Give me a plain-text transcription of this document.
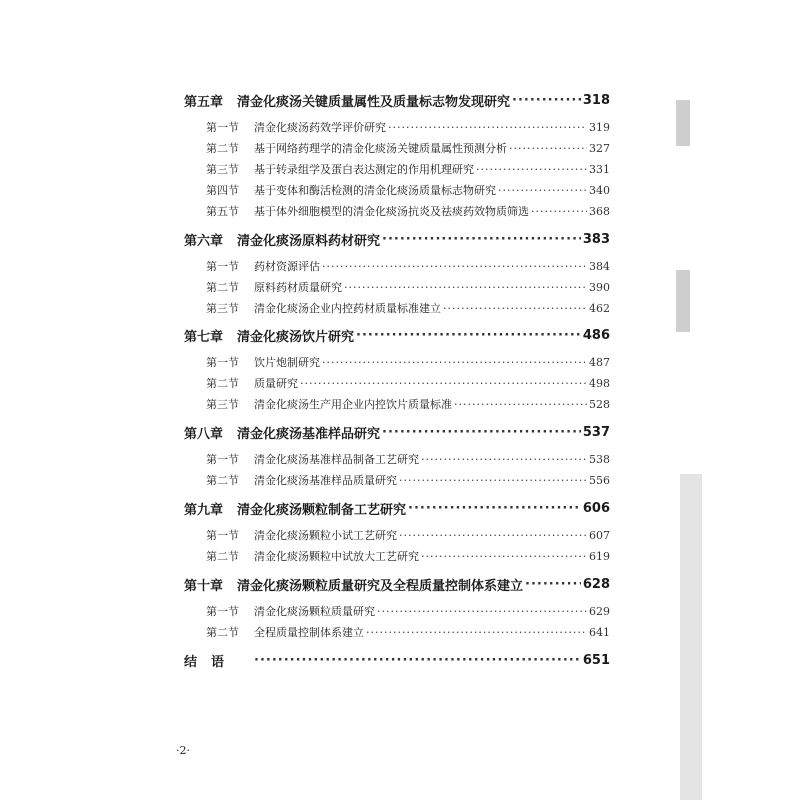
第五章 清金化痰汤关键质量属性及质量标志物发现研究 ·····	318
第一节	清金化痰汤药效学评价研究 ·····	319
第二节	基于网络药理学的清金化痰汤关键质量属性预测分析 ·····	327
第三节	基于转录组学及蛋白表达测定的作用机理研究 ·····	331
第四节	基于变体和酶活检测的清金化痰汤质量标志物研究 ·····	340
第五节	基于体外细胞模型的清金化痰汤抗炎及祛痰药效物质筛选 ·····	368
第六章 清金化痰汤原料药材研究 ·····	383
第一节	药材资源评估 ·····	384
第二节	原料药材质量研究 ·····	390
第三节	清金化痰汤企业内控药材质量标准建立 ·····	462
第七章 清金化痰汤饮片研究 ·····	486
第一节	饮片炮制研究 ·····	487
第二节	质量研究 ·····	498
第三节	清金化痰汤生产用企业内控饮片质量标准 ·····	528
第八章 清金化痰汤基准样品研究 ·····	537
第一节	清金化痰汤基准样品制备工艺研究 ·····	538
第二节	清金化痰汤基准样品质量研究 ·····	556
第九章 清金化痰汤颗粒制备工艺研究 ·····	606
第一节	清金化痰汤颗粒小试工艺研究 ·····	607
第二节	清金化痰汤颗粒中试放大工艺研究 ·····	619
第十章 清金化痰汤颗粒质量研究及全程质量控制体系建立 ·····	628
第一节	清金化痰汤颗粒质量研究 ·····	629
第二节	全程质量控制体系建立 ·····	641
结语 ·····	651
·2·
